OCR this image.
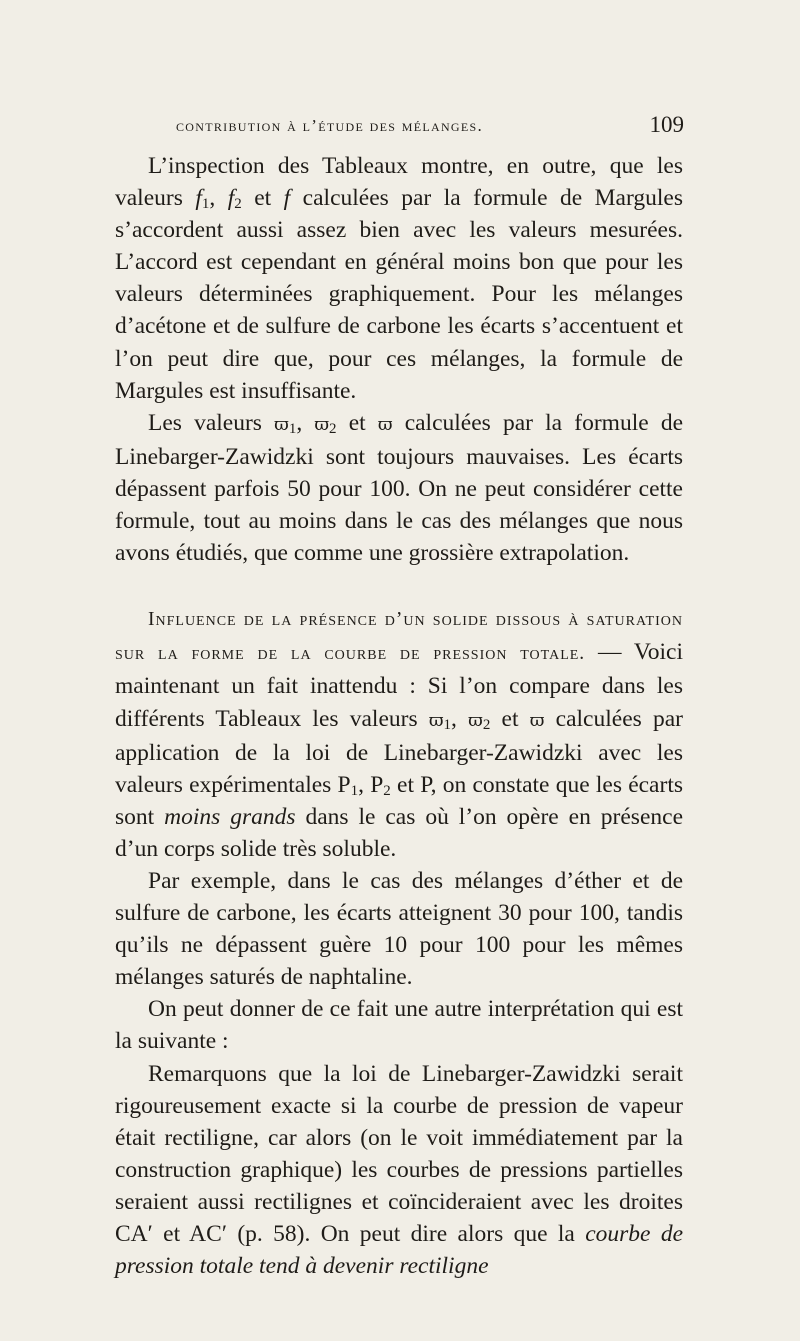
contribution à l’étude des mélanges.	109

L’inspection des Tableaux montre, en outre, que les valeurs $f_1$, $f_2$ et f calculées par la formule de Margules s’accordent aussi assez bien avec les valeurs mesurées. L’accord est cependant en général moins bon que pour les valeurs déterminées graphiquement. Pour les mélanges d’acétone et de sulfure de carbone les écarts s’accentuent et l’on peut dire que, pour ces mélanges, la formule de Margules est insuffisante.

Les valeurs $ϖ_1$, $ϖ_2$ et ϖ calculées par la formule de Linebarger-Zawidzki sont toujours mauvaises. Les écarts dépassent parfois 50 pour 100. On ne peut considérer cette formule, tout au moins dans le cas des mélanges que nous avons étudiés, que comme une grossière extrapolation.

Influence de la présence d’un solide dissous à saturation sur la forme de la courbe de pression totale. — Voici maintenant un fait inattendu : Si l’on compare dans les différents Tableaux les valeurs $ϖ_1$, $ϖ_2$ et ϖ calculées par application de la loi de Linebarger-Zawidzki avec les valeurs expérimentales $P_1$, $P_2$ et P, on constate que les écarts sont moins grands dans le cas où l’on opère en présence d’un corps solide très soluble.

Par exemple, dans le cas des mélanges d’éther et de sulfure de carbone, les écarts atteignent 30 pour 100, tandis qu’ils ne dépassent guère 10 pour 100 pour les mêmes mélanges saturés de naphtaline.

On peut donner de ce fait une autre interprétation qui est la suivante :

Remarquons que la loi de Linebarger-Zawidzki serait rigoureusement exacte si la courbe de pression de vapeur était rectiligne, car alors (on le voit immédiatement par la construction graphique) les courbes de pressions partielles seraient aussi rectilignes et coïncideraient avec les droites CA′ et AC′ (p. 58). On peut dire alors que la courbe de pression totale tend à devenir rectiligne
